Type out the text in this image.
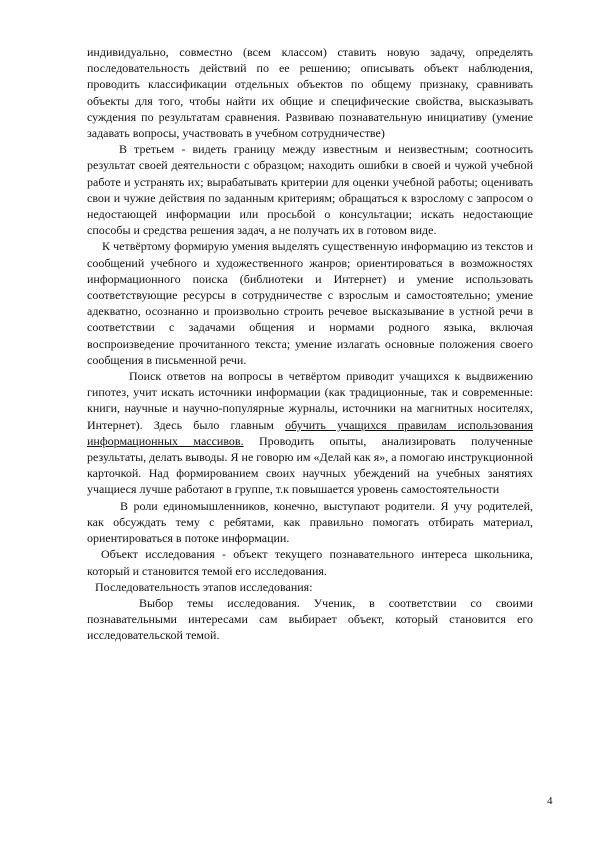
индивидуально, совместно (всем классом) ставить новую задачу, определять последовательность действий по ее решению; описывать объект наблюдения, проводить классификации отдельных объектов по общему признаку, сравнивать объекты для того, чтобы найти их общие и специфические свойства, высказывать суждения по результатам сравнения. Развиваю познавательную инициативу (умение задавать вопросы, участвовать в учебном сотрудничестве)

В третьем - видеть границу между известным и неизвестным; соотносить результат своей деятельности с образцом; находить ошибки в своей и чужой учебной работе и устранять их; вырабатывать критерии для оценки учебной работы; оценивать свои и чужие действия по заданным критериям; обращаться к взрослому с запросом о недостающей информации или просьбой о консультации; искать недостающие способы и средства решения задач, а не получать их в готовом виде.

К четвёртому формирую умения выделять существенную информацию из текстов и сообщений учебного и художественного жанров; ориентироваться в возможностях информационного поиска (библиотеки и Интернет) и умение использовать соответствующие ресурсы в сотрудничестве с взрослым и самостоятельно; умение адекватно, осознанно и произвольно строить речевое высказывание в устной речи в соответствии с задачами общения и нормами родного языка, включая воспроизведение прочитанного текста; умение излагать основные положения своего сообщения в письменной речи.

Поиск ответов на вопросы в четвёртом приводит учащихся к выдвижению гипотез, учит искать источники информации (как традиционные, так и современные: книги, научные и научно-популярные журналы, источники на магнитных носителях, Интернет). Здесь было главным обучить учащихся правилам использования информационных массивов. Проводить опыты, анализировать полученные результаты, делать выводы. Я не говорю им «Делай как я», а помогаю инструкционной карточкой. Над формированием своих научных убеждений на учебных занятиях учащиеся лучше работают в группе, т.к повышается уровень самостоятельности

В роли единомышленников, конечно, выступают родители. Я учу родителей, как обсуждать тему с ребятами, как правильно помогать отбирать материал, ориентироваться в потоке информации.

Объект исследования - объект текущего познавательного интереса школьника, который и становится темой его исследования.

Последовательность этапов исследования:

Выбор темы исследования. Ученик, в соответствии со своими познавательными интересами сам выбирает объект, который становится его исследовательской темой.

4
